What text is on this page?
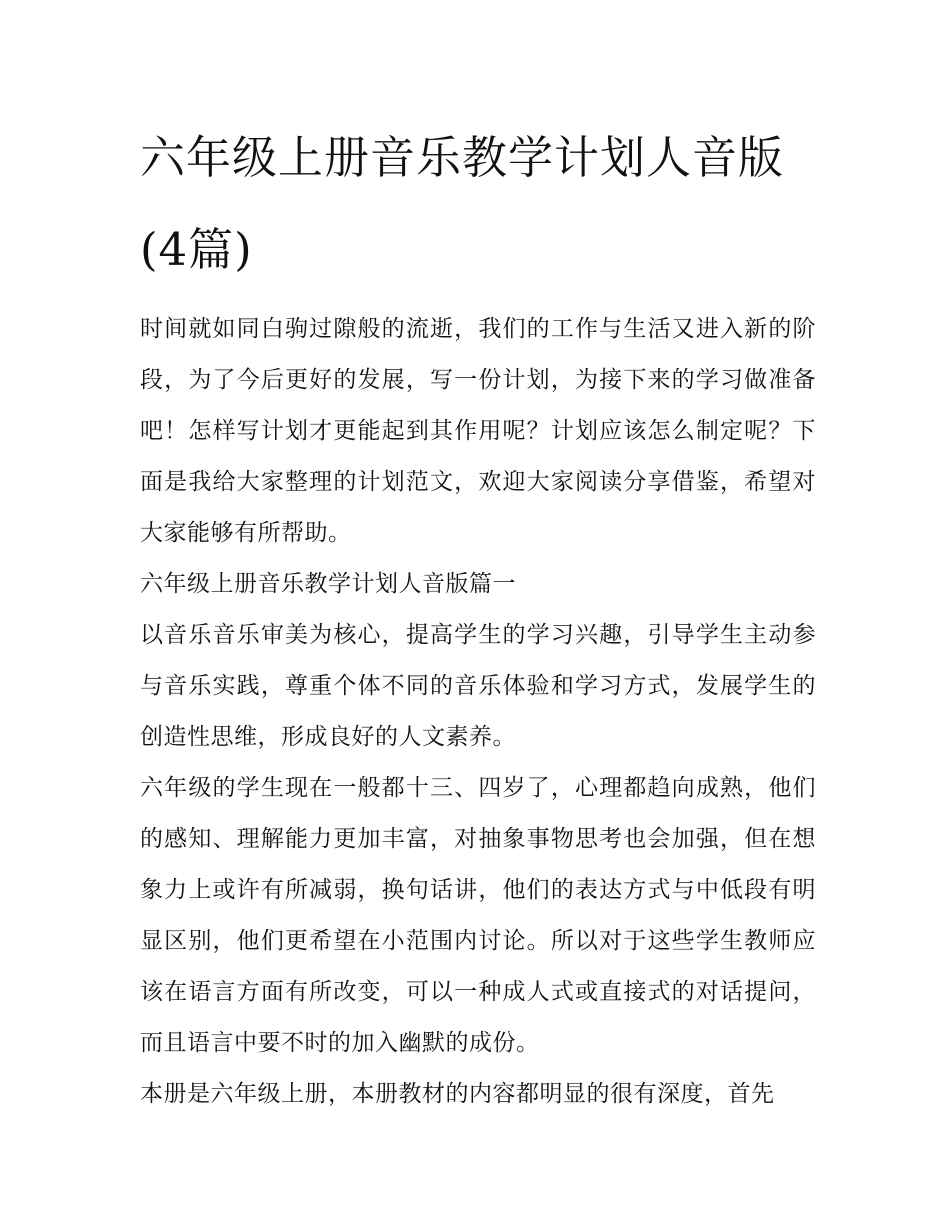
六年级上册音乐教学计划人音版(4篇)

时间就如同白驹过隙般的流逝，我们的工作与生活又进入新的阶段，为了今后更好的发展，写一份计划，为接下来的学习做准备吧！怎样写计划才更能起到其作用呢？计划应该怎么制定呢？下面是我给大家整理的计划范文，欢迎大家阅读分享借鉴，希望对大家能够有所帮助。

六年级上册音乐教学计划人音版篇一

以音乐音乐审美为核心，提高学生的学习兴趣，引导学生主动参与音乐实践，尊重个体不同的音乐体验和学习方式，发展学生的创造性思维，形成良好的人文素养。

六年级的学生现在一般都十三、四岁了，心理都趋向成熟，他们的感知、理解能力更加丰富，对抽象事物思考也会加强，但在想象力上或许有所减弱，换句话讲，他们的表达方式与中低段有明显区别，他们更希望在小范围内讨论。所以对于这些学生教师应该在语言方面有所改变，可以一种成人式或直接式的对话提问，而且语言中要不时的加入幽默的成份。

本册是六年级上册，本册教材的内容都明显的很有深度，首先
